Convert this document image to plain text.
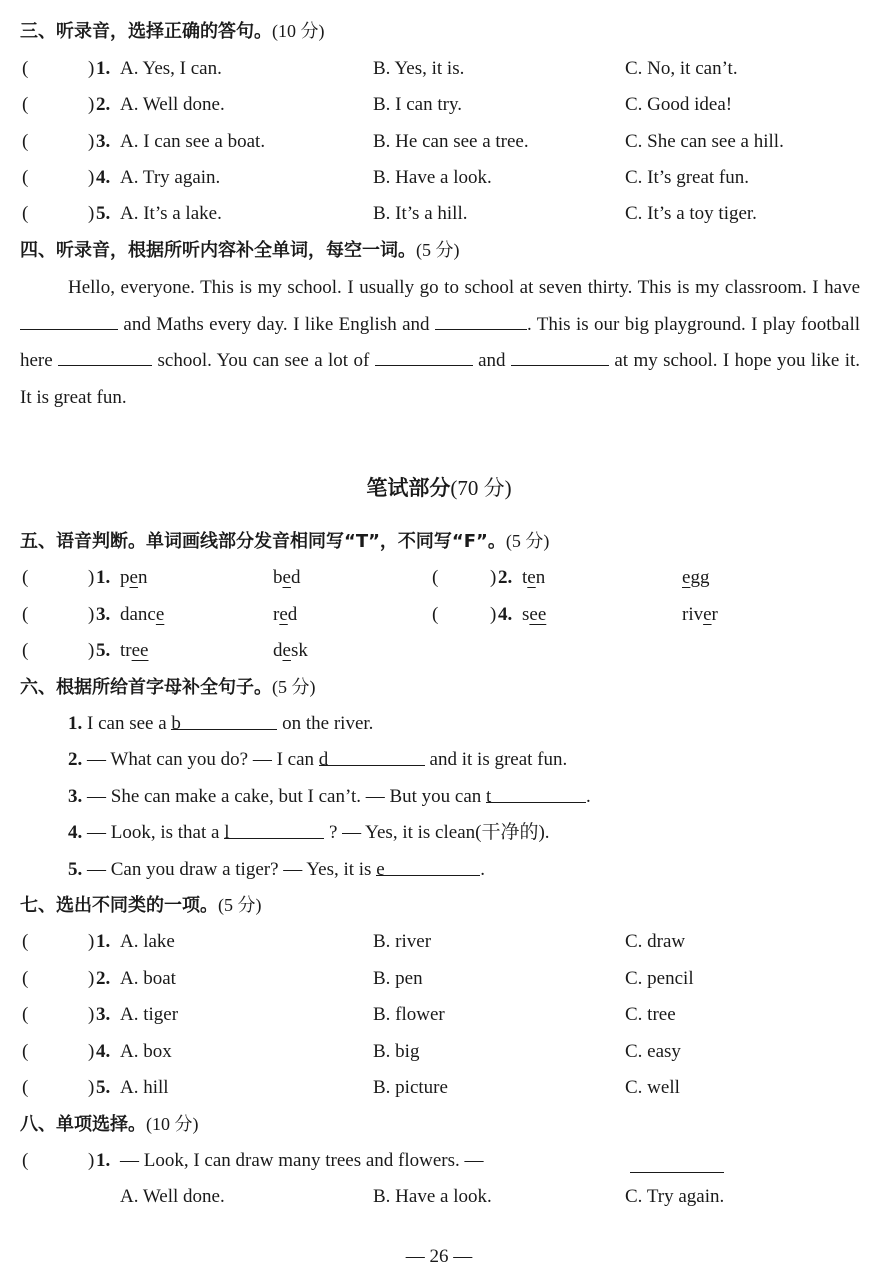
三、听录音，选择正确的答句。(10 分)
(	) 1. A. Yes, I can.	B. Yes, it is.	C. No, it can’t.
(	) 2. A. Well done.	B. I can try.	C. Good idea!
(	) 3. A. I can see a boat.	B. He can see a tree.	C. She can see a hill.
(	) 4. A. Try again.	B. Have a look.	C. It’s great fun.
(	) 5. A. It’s a lake.	B. It’s a hill.	C. It’s a toy tiger.
四、听录音，根据所听内容补全单词，每空一词。(5 分)

Hello, everyone. This is my school. I usually go to school at seven thirty. This is my classroom. I have  and Maths every day. I like English and	. This is our big playground. I play football here	school. You can see a lot of	and	at my school. I hope you like it. It is great fun.

笔试部分(70 分)
五、语音判断。单词画线部分发音相同写“T”，不同写“F”。(5 分)
(	) 1. pen	bed	(	) 2. ten	egg
(	) 3. dance	red	(	) 4. see	river
(	) 5. tree	desk
六、根据所给首字母补全句子。(5 分)
1. I can see a b	on the river.
2. — What can you do? — I can d	and it is great fun.
3. — She can make a cake, but I can’t. — But you can t	.
4. — Look, is that a l	? — Yes, it is clean(干净的).
5. — Can you draw a tiger? — Yes, it is e	.
七、选出不同类的一项。(5 分)
(	) 1. A. lake	B. river	C. draw
(	) 2. A. boat	B. pen	C. pencil
(	) 3. A. tiger	B. flower	C. tree
(	) 4. A. box	B. big	C. easy
(	) 5. A. hill	B. picture	C. well
八、单项选择。(10 分)
(	) 1. — Look, I can draw many trees and flowers. —
A. Well done.	B. Have a look.	C. Try again.
— 26 —
